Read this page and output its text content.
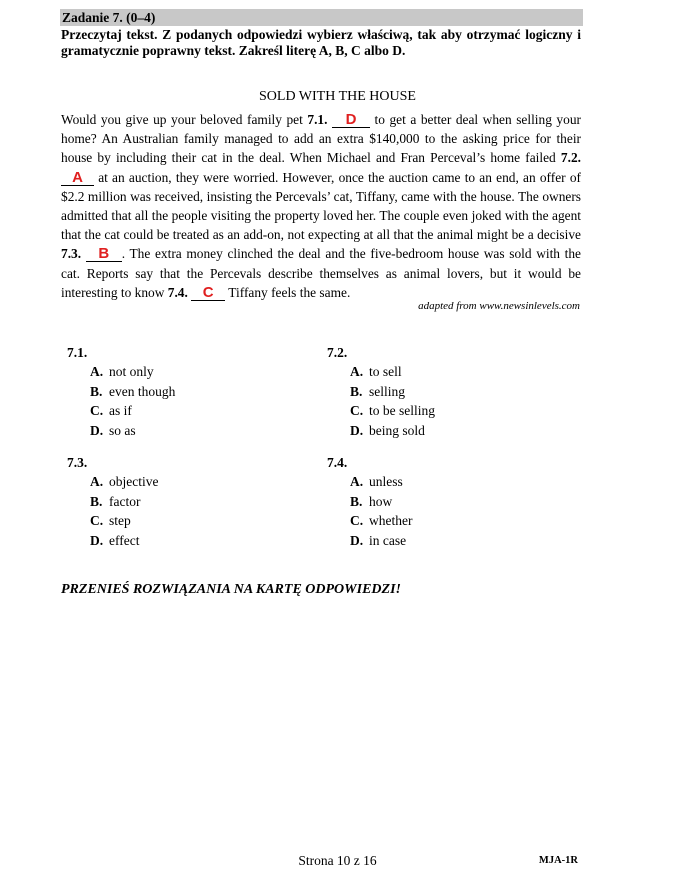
Zadanie 7. (0–4)
Przeczytaj tekst. Z podanych odpowiedzi wybierz właściwą, tak aby otrzymać logiczny i gramatycznie poprawny tekst. Zakreśl literę A, B, C albo D.
SOLD WITH THE HOUSE
Would you give up your beloved family pet 7.1. D to get a better deal when selling your home? An Australian family managed to add an extra $140,000 to the asking price for their house by including their cat in the deal. When Michael and Fran Perceval’s home failed 7.2. A at an auction, they were worried. However, once the auction came to an end, an offer of $2.2 million was received, insisting the Percevals’ cat, Tiffany, came with the house. The owners admitted that all the people visiting the property loved her. The couple even joked with the agent that the cat could be treated as an add-on, not expecting at all that the animal might be a decisive 7.3. B . The extra money clinched the deal and the five-bedroom house was sold with the cat. Reports say that the Percevals describe themselves as animal lovers, but it would be interesting to know 7.4. C Tiffany feels the same.
adapted from www.newsinlevels.com
7.1.
A. not only
B. even though
C. as if
D. so as
7.2.
A. to sell
B. selling
C. to be selling
D. being sold
7.3.
A. objective
B. factor
C. step
D. effect
7.4.
A. unless
B. how
C. whether
D. in case
PRZENIEŚ ROZWIĄZANIA NA KARTĘ ODPOWIEDZI!
Strona 10 z 16	MJA-1R
